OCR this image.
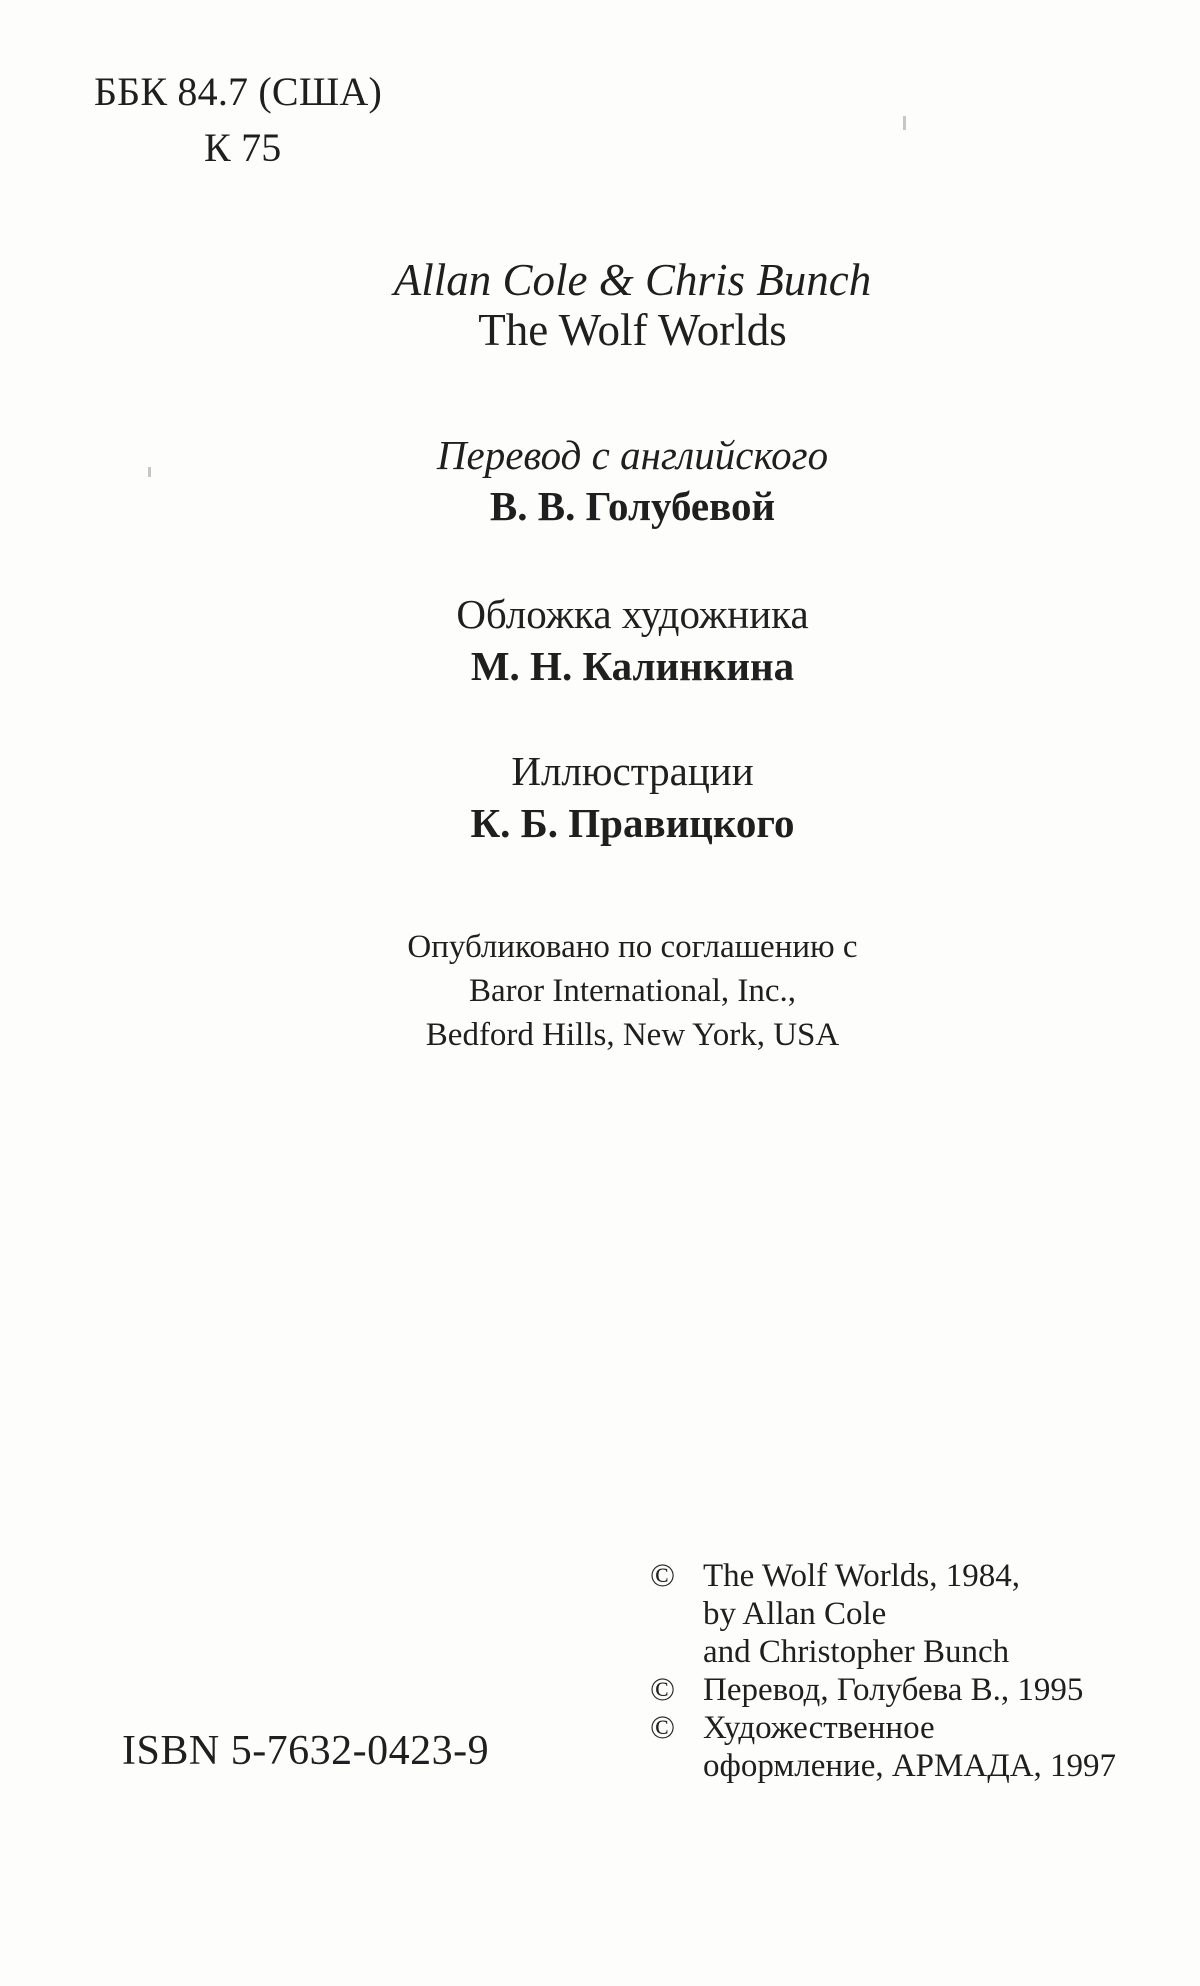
ББК 84.7 (США)
К 75
Allan Cole & Chris Bunch
The Wolf Worlds
Перевод с английского
В. В. Голубевой
Обложка художника
М. Н. Калинкина
Иллюстрации
К. Б. Правицкого
Опубликовано по соглашению с
Baror International, Inc.,
Bedford Hills, New York, USA
ISBN 5-7632-0423-9
© The Wolf Worlds, 1984,
by Allan Cole
and Christopher Bunch
© Перевод, Голубева В., 1995
© Художественное
оформление, АРМАДА, 1997
